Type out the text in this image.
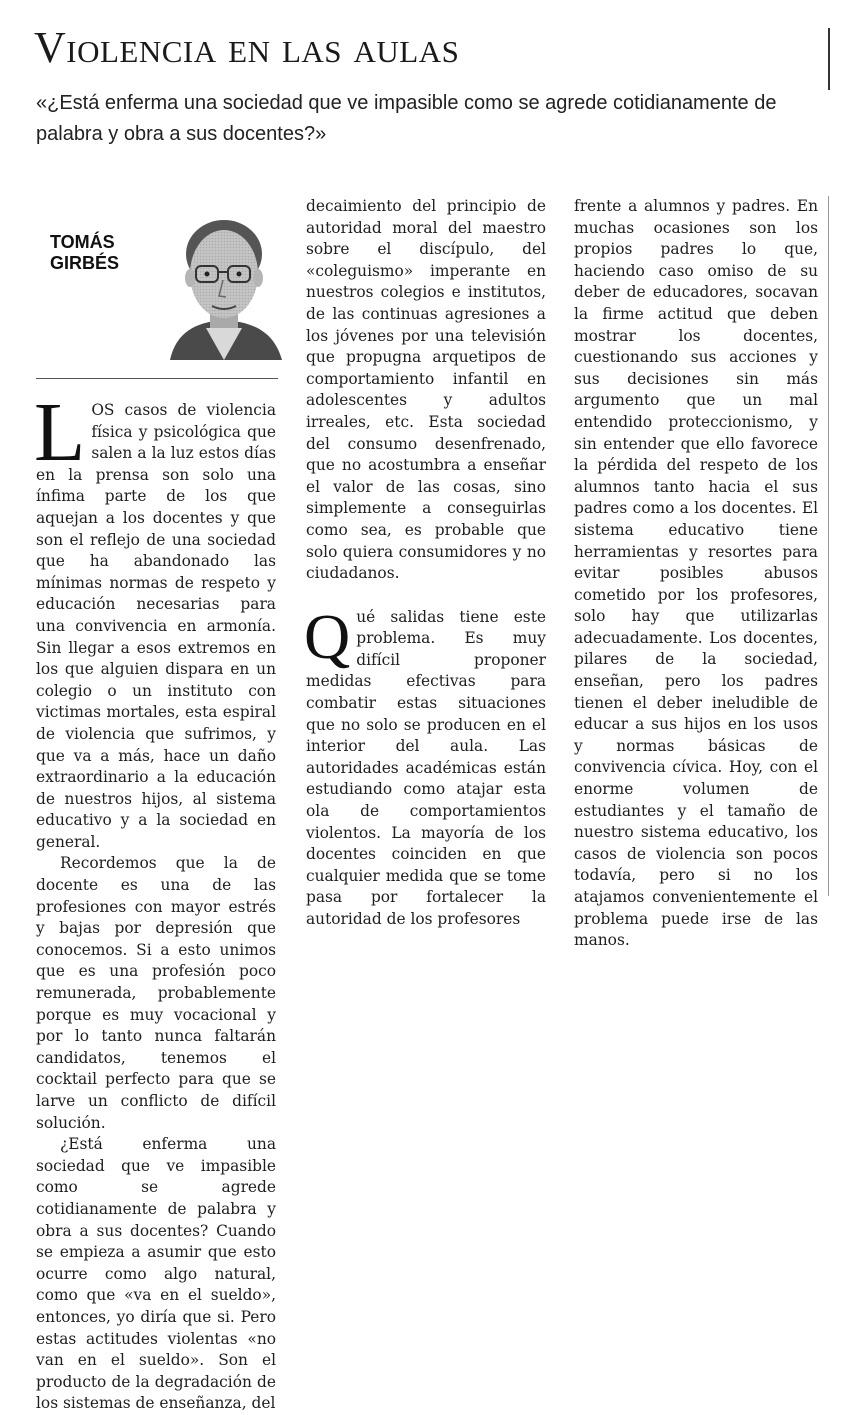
Violencia en las aulas
«¿Está enferma una sociedad que ve impasible como se agrede cotidianamente de palabra y obra a sus docentes?»
TOMÁS
GIRBÉS

LOS casos de violencia física y psicológica que salen a la luz estos días en la prensa son solo una ínfima parte de los que aquejan a los docentes y que son el reflejo de una sociedad que ha abandonado las mínimas normas de respeto y educación necesarias para una convivencia en armonía. Sin llegar a esos extremos en los que alguien dispara en un colegio o un instituto con victimas mortales, esta espiral de violencia que sufrimos, y que va a más, hace un daño extraordinario a la educación de nuestros hijos, al sistema educativo y a la sociedad en general.

Recordemos que la de docente es una de las profesiones con mayor estrés y bajas por depresión que conocemos. Si a esto unimos que es una profesión poco remunerada, probablemente porque es muy vocacional y por lo tanto nunca faltarán candidatos, tenemos el cocktail perfecto para que se larve un conflicto de difícil solución.

¿Está enferma una sociedad que ve impasible como se agrede cotidianamente de palabra y obra a sus docentes? Cuando se empieza a asumir que esto ocurre como algo natural, como que «va en el sueldo», entonces, yo diría que si. Pero estas actitudes violentas «no van en el sueldo». Son el producto de la degradación de los sistemas de enseñanza, del

decaimiento del principio de autoridad moral del maestro sobre el discípulo, del «coleguismo» imperante en nuestros colegios e institutos, de las continuas agresiones a los jóvenes por una televisión que propugna arquetipos de comportamiento infantil en adolescentes y adultos irreales, etc. Esta sociedad del consumo desenfrenado, que no acostumbra a enseñar el valor de las cosas, sino simplemente a conseguirlas como sea, es probable que solo quiera consumidores y no ciudadanos.

Qué salidas tiene este problema. Es muy difícil proponer medidas efectivas para combatir estas situaciones que no solo se producen en el interior del aula. Las autoridades académicas están estudiando como atajar esta ola de comportamientos violentos. La mayoría de los docentes coinciden en que cualquier medida que se tome pasa por fortalecer la autoridad de los profesores

frente a alumnos y padres. En muchas ocasiones son los propios padres lo que, haciendo caso omiso de su deber de educadores, socavan la firme actitud que deben mostrar los docentes, cuestionando sus acciones y sus decisiones sin más argumento que un mal entendido proteccionismo, y sin entender que ello favorece la pérdida del respeto de los alumnos tanto hacia el sus padres como a los docentes. El sistema educativo tiene herramientas y resortes para evitar posibles abusos cometido por los profesores, solo hay que utilizarlas adecuadamente. Los docentes, pilares de la sociedad, enseñan, pero los padres tienen el deber ineludible de educar a sus hijos en los usos y normas básicas de convivencia cívica. Hoy, con el enorme volumen de estudiantes y el tamaño de nuestro sistema educativo, los casos de violencia son pocos todavía, pero si no los atajamos convenientemente el problema puede irse de las manos.
